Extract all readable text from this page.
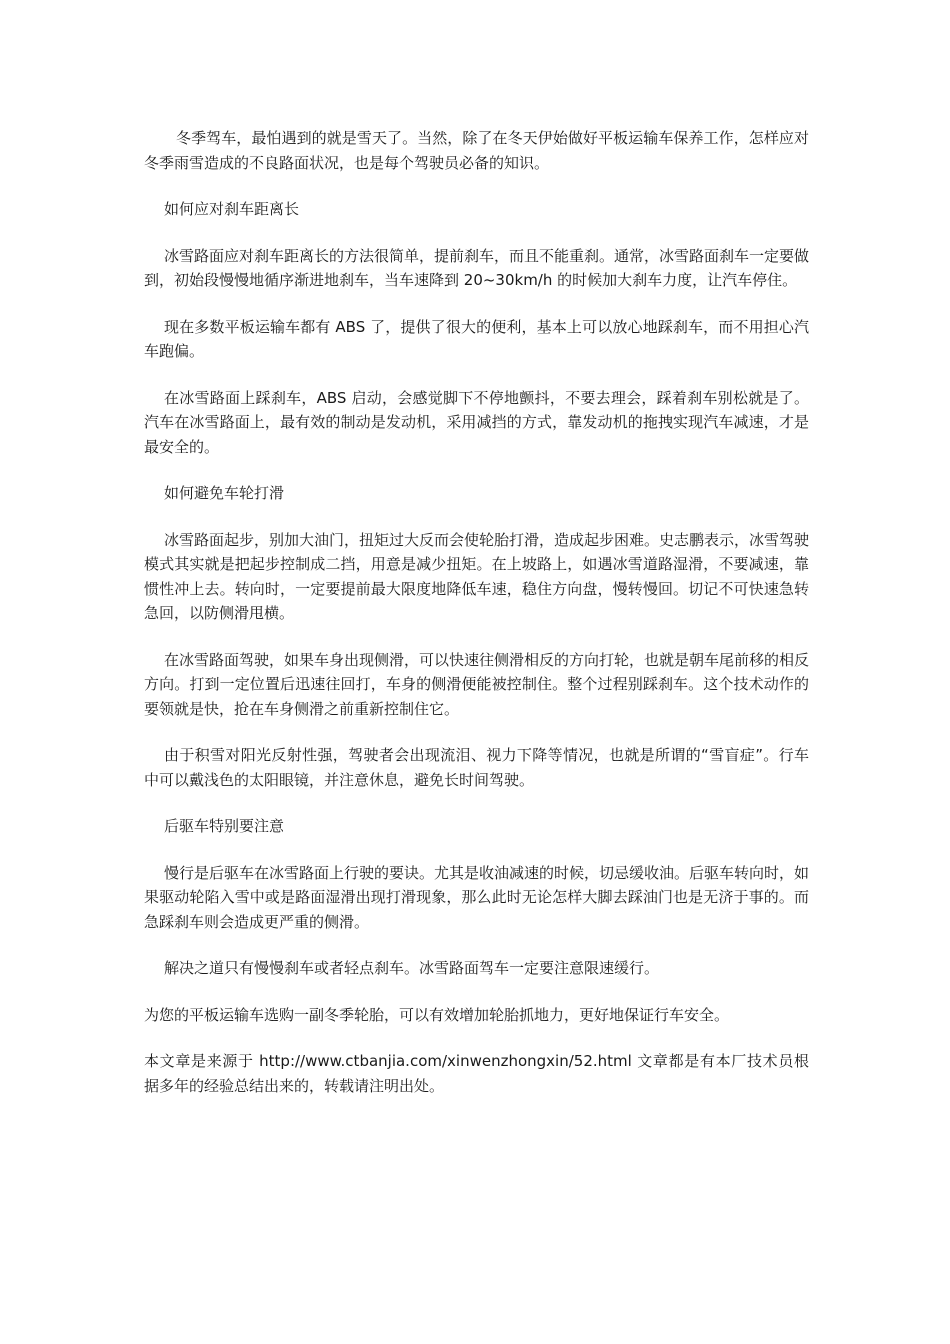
冬季驾车，最怕遇到的就是雪天了。当然，除了在冬天伊始做好平板运输车保养工作，怎样应对冬季雨雪造成的不良路面状况，也是每个驾驶员必备的知识。

如何应对刹车距离长

冰雪路面应对刹车距离长的方法很简单，提前刹车，而且不能重刹。通常，冰雪路面刹车一定要做到，初始段慢慢地循序渐进地刹车，当车速降到 20~30km/h 的时候加大刹车力度，让汽车停住。

现在多数平板运输车都有 ABS 了，提供了很大的便利，基本上可以放心地踩刹车，而不用担心汽车跑偏。

在冰雪路面上踩刹车，ABS 启动，会感觉脚下不停地颤抖，不要去理会，踩着刹车别松就是了。汽车在冰雪路面上，最有效的制动是发动机，采用减挡的方式，靠发动机的拖拽实现汽车减速，才是最安全的。

如何避免车轮打滑

冰雪路面起步，别加大油门，扭矩过大反而会使轮胎打滑，造成起步困难。史志鹏表示，冰雪驾驶模式其实就是把起步控制成二挡，用意是减少扭矩。在上坡路上，如遇冰雪道路湿滑，不要减速，靠惯性冲上去。转向时，一定要提前最大限度地降低车速，稳住方向盘，慢转慢回。切记不可快速急转急回，以防侧滑甩横。

在冰雪路面驾驶，如果车身出现侧滑，可以快速往侧滑相反的方向打轮，也就是朝车尾前移的相反方向。打到一定位置后迅速往回打，车身的侧滑便能被控制住。整个过程别踩刹车。这个技术动作的要领就是快，抢在车身侧滑之前重新控制住它。

由于积雪对阳光反射性强，驾驶者会出现流泪、视力下降等情况，也就是所谓的“雪盲症”。行车中可以戴浅色的太阳眼镜，并注意休息，避免长时间驾驶。

后驱车特别要注意

慢行是后驱车在冰雪路面上行驶的要诀。尤其是收油减速的时候，切忌缓收油。后驱车转向时，如果驱动轮陷入雪中或是路面湿滑出现打滑现象，那么此时无论怎样大脚去踩油门也是无济于事的。而急踩刹车则会造成更严重的侧滑。

解决之道只有慢慢刹车或者轻点刹车。冰雪路面驾车一定要注意限速缓行。

为您的平板运输车选购一副冬季轮胎，可以有效增加轮胎抓地力，更好地保证行车安全。

本文章是来源于 http://www.ctbanjia.com/xinwenzhongxin/52.html 文章都是有本厂技术员根据多年的经验总结出来的，转载请注明出处。
